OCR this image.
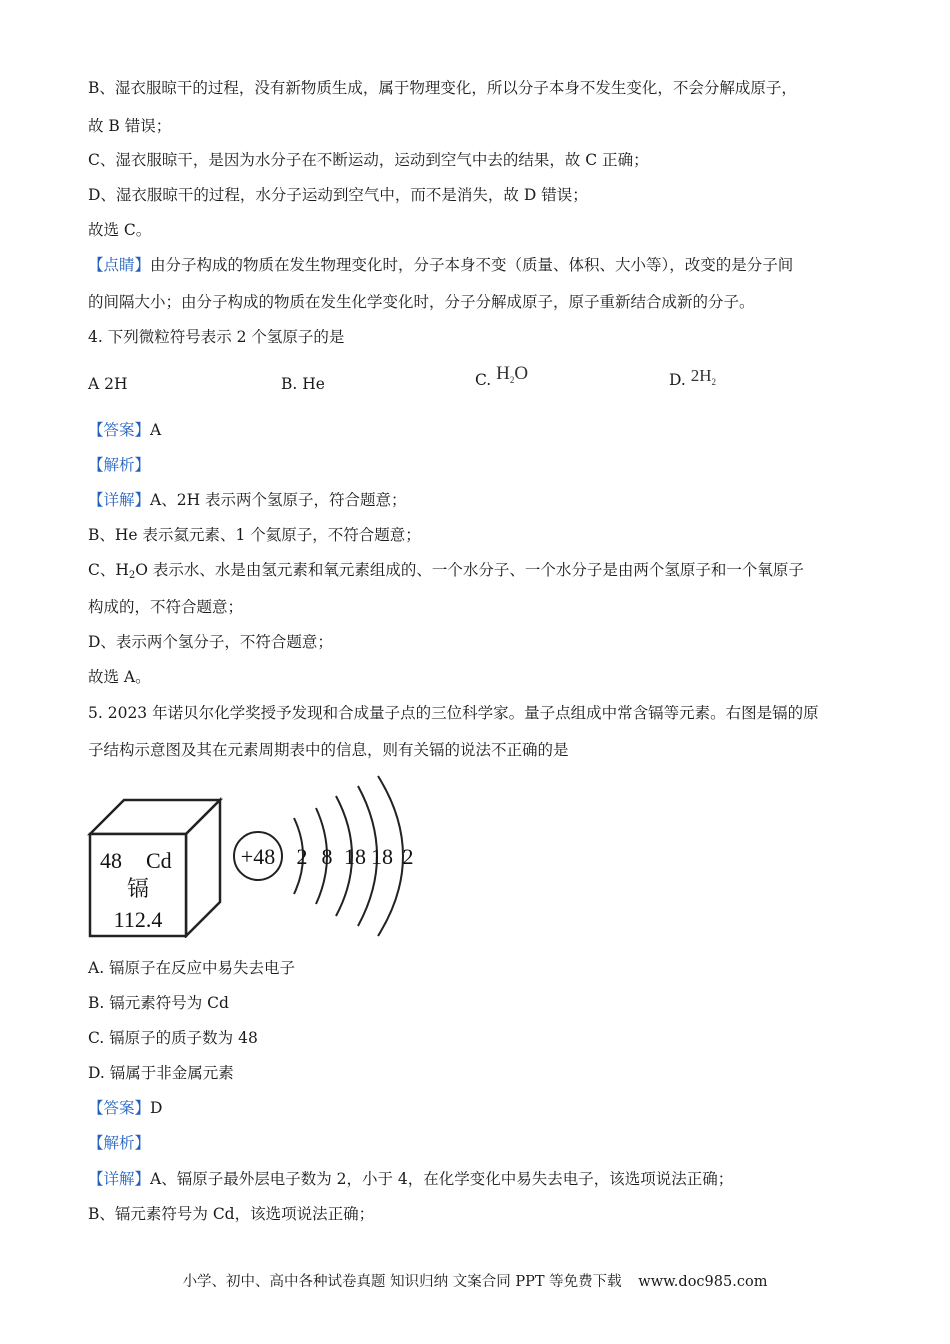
B、湿衣服晾干的过程，没有新物质生成，属于物理变化，所以分子本身不发生变化，不会分解成原子，
故 B 错误；
C、湿衣服晾干，是因为水分子在不断运动，运动到空气中去的结果，故 C 正确；
D、湿衣服晾干的过程，水分子运动到空气中，而不是消失，故 D 错误；
故选 C。
【点睛】由分子构成的物质在发生物理变化时，分子本身不变（质量、体积、大小等），改变的是分子间
的间隔大小；由分子构成的物质在发生化学变化时，分子分解成原子，原子重新结合成新的分子。
4. 下列微粒符号表示 2 个氢原子的是
A 2H	B. He	C. $H_2O$	D. $2H_2$
【答案】A
【解析】
【详解】A、2H 表示两个氢原子，符合题意；
B、He 表示氦元素、1 个氦原子，不符合题意；
C、$H_2O$ 表示水、水是由氢元素和氧元素组成的、一个水分子、一个水分子是由两个氢原子和一个氧原子
构成的，不符合题意；
D、表示两个氢分子，不符合题意；
故选 A。
5. 2023 年诺贝尔化学奖授予发现和合成量子点的三位科学家。量子点组成中常含镉等元素。右图是镉的原
子结构示意图及其在元素周期表中的信息，则有关镉的说法不正确的是
48 Cd
镉
112.4
+48 2 8 18 18 2
A. 镉原子在反应中易失去电子
B. 镉元素符号为 Cd
C. 镉原子的质子数为 48
D. 镉属于非金属元素
【答案】D
【解析】
【详解】A、镉原子最外层电子数为 2，小于 4，在化学变化中易失去电子，该选项说法正确；
B、镉元素符号为 Cd，该选项说法正确；
小学、初中、高中各种试卷真题 知识归纳 文案合同 PPT 等免费下载 www.doc985.com
